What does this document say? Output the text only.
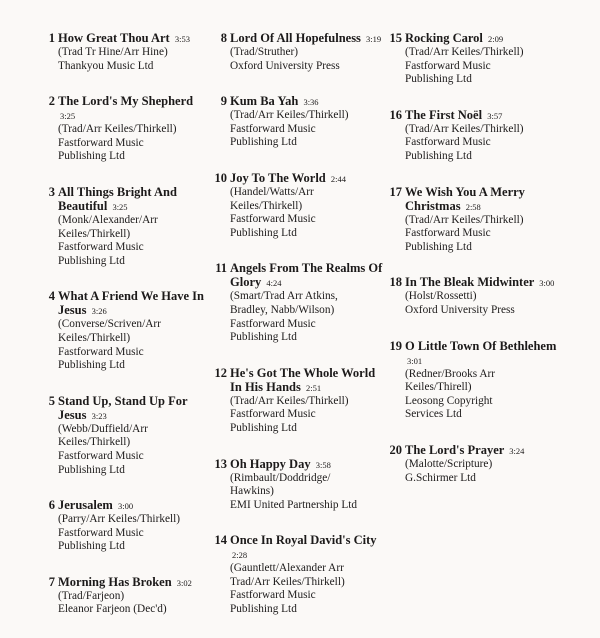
1 How Great Thou Art 3:53
(Trad Tr Hine/Arr Hine)
Thankyou Music Ltd
2 The Lord's My Shepherd 3:25
(Trad/Arr Keiles/Thirkell)
Fastforward Music
Publishing Ltd
3 All Things Bright And Beautiful 3:25
(Monk/Alexander/Arr
Keiles/Thirkell)
Fastforward Music
Publishing Ltd
4 What A Friend We Have In Jesus 3:26
(Converse/Scriven/Arr
Keiles/Thirkell)
Fastforward Music
Publishing Ltd
5 Stand Up, Stand Up For Jesus 3:23
(Webb/Duffield/Arr
Keiles/Thirkell)
Fastforward Music
Publishing Ltd
6 Jerusalem 3:00
(Parry/Arr Keiles/Thirkell)
Fastforward Music
Publishing Ltd
7 Morning Has Broken 3:02
(Trad/Farjeon)
Eleanor Farjeon (Dec'd)
8 Lord Of All Hopefulness 3:19
(Trad/Struther)
Oxford University Press
9 Kum Ba Yah 3:36
(Trad/Arr Keiles/Thirkell)
Fastforward Music
Publishing Ltd
10 Joy To The World 2:44
(Handel/Watts/Arr
Keiles/Thirkell)
Fastforward Music
Publishing Ltd
11 Angels From The Realms Of Glory 4:24
(Smart/Trad Arr Atkins,
Bradley, Nabb/Wilson)
Fastforward Music
Publishing Ltd
12 He's Got The Whole World In His Hands 2:51
(Trad/Arr Keiles/Thirkell)
Fastforward Music
Publishing Ltd
13 Oh Happy Day 3:58
(Rimbault/Doddridge/
Hawkins)
EMI United Partnership Ltd
14 Once In Royal David's City 2:28
(Gauntlett/Alexander Arr
Trad/Arr Keiles/Thirkell)
Fastforward Music
Publishing Ltd
15 Rocking Carol 2:09
(Trad/Arr Keiles/Thirkell)
Fastforward Music
Publishing Ltd
16 The First Noël 3:57
(Trad/Arr Keiles/Thirkell)
Fastforward Music
Publishing Ltd
17 We Wish You A Merry Christmas 2:58
(Trad/Arr Keiles/Thirkell)
Fastforward Music
Publishing Ltd
18 In The Bleak Midwinter 3:00
(Holst/Rossetti)
Oxford University Press
19 O Little Town Of Bethlehem 3:01
(Redner/Brooks Arr
Keiles/Thirell)
Leosong Copyright
Services Ltd
20 The Lord's Prayer 3:24
(Malotte/Scripture)
G.Schirmer Ltd
